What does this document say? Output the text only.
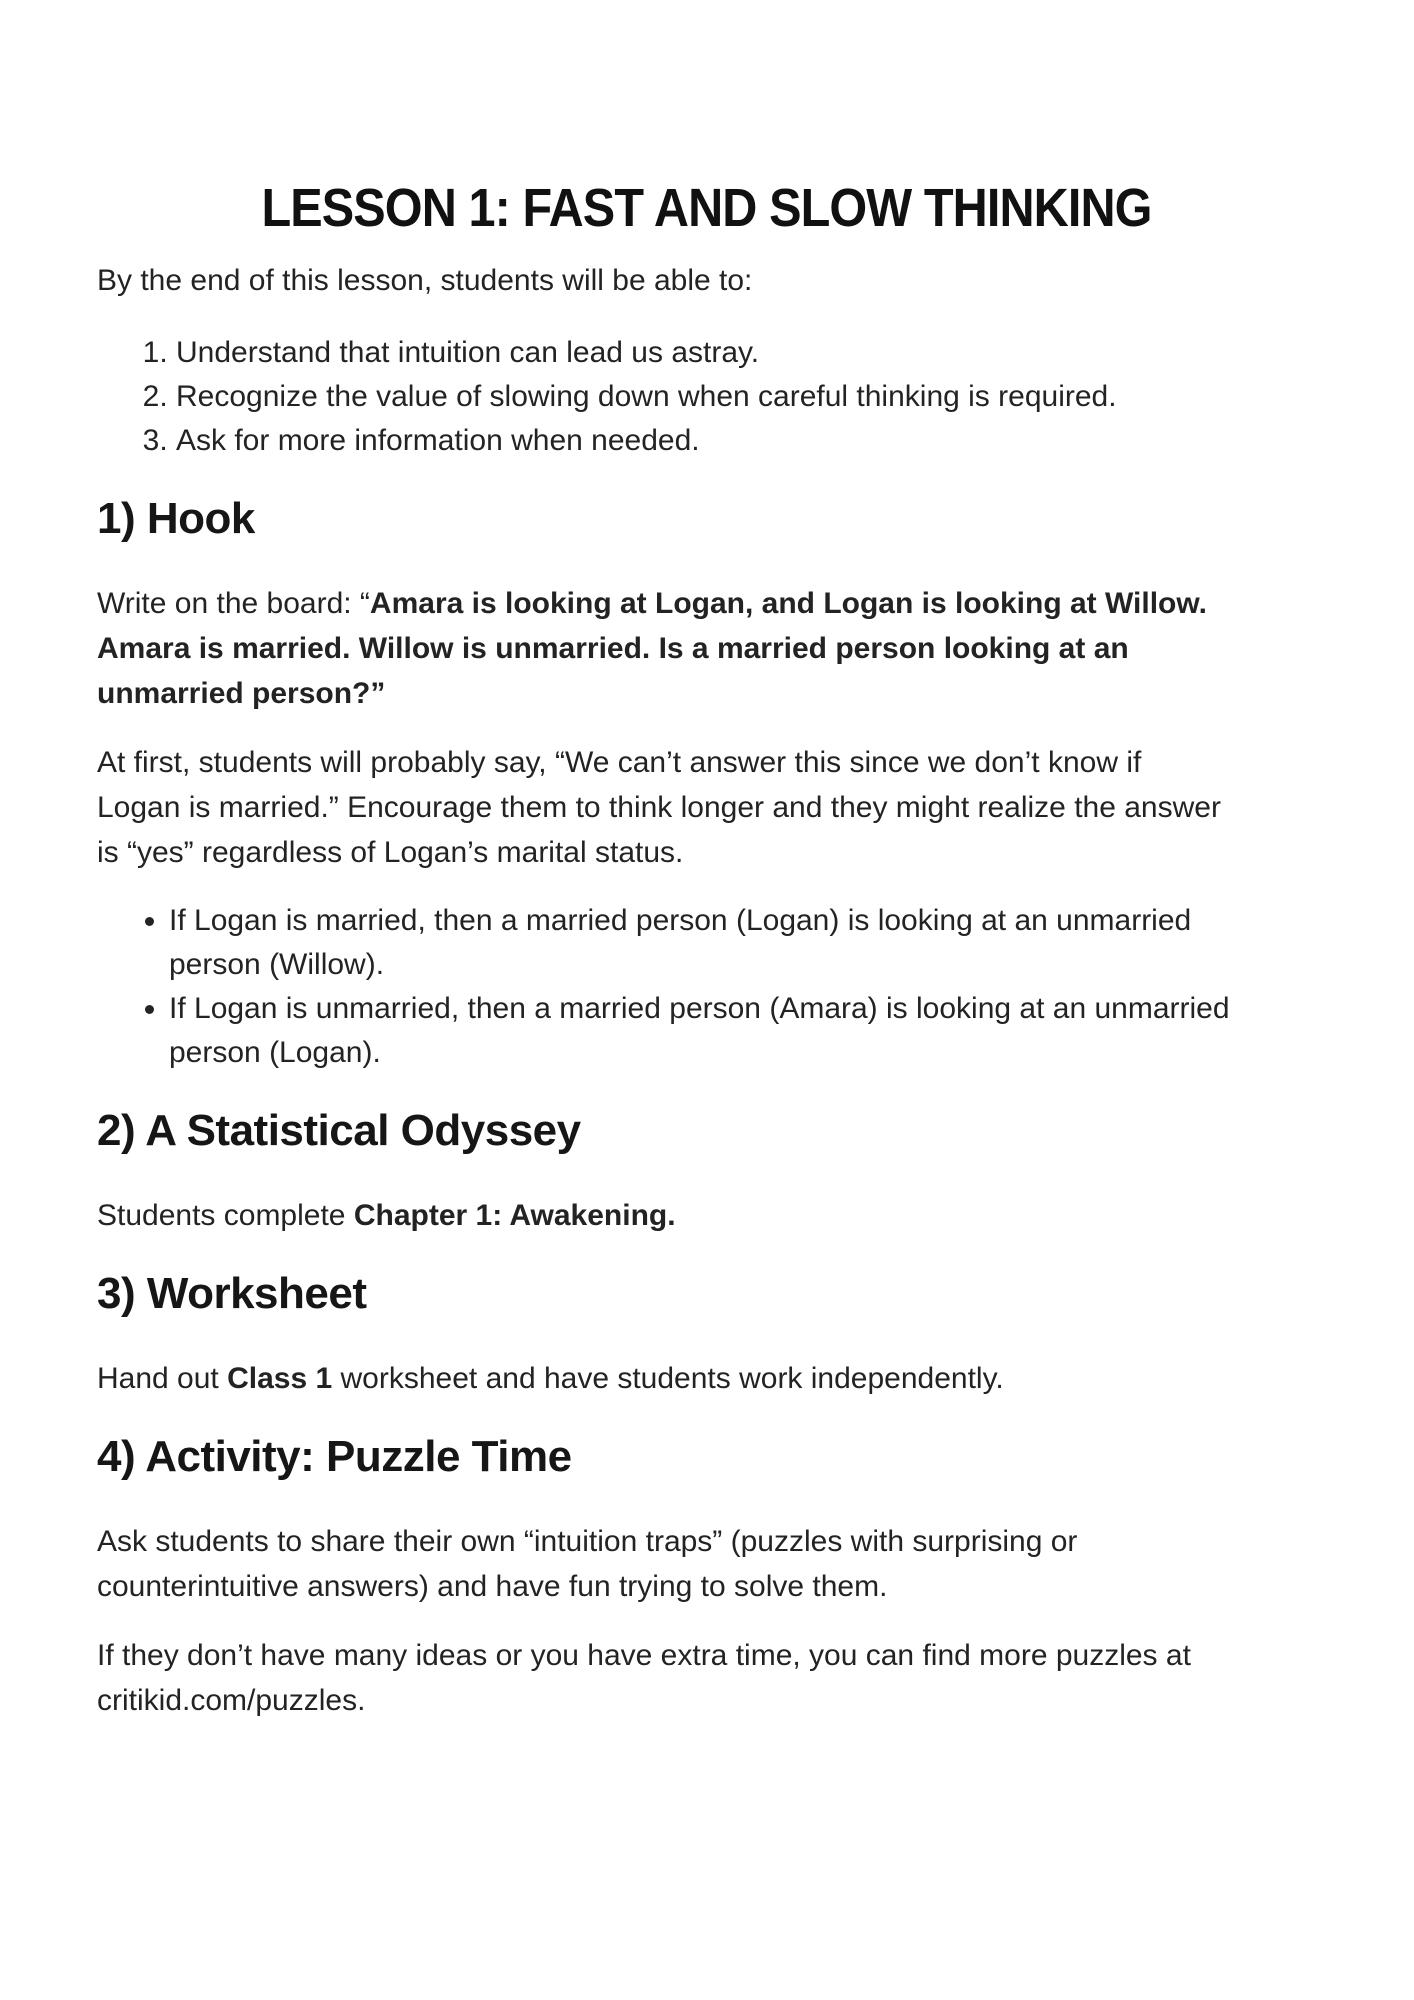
LESSON 1: FAST AND SLOW THINKING

By the end of this lesson, students will be able to:

1. Understand that intuition can lead us astray.
2. Recognize the value of slowing down when careful thinking is required.
3. Ask for more information when needed.
1) Hook

Write on the board: “Amara is looking at Logan, and Logan is looking at Willow.
Amara is married. Willow is unmarried. Is a married person looking at an
unmarried person?”

At first, students will probably say, “We can’t answer this since we don’t know if
Logan is married.” Encourage them to think longer and they might realize the answer
is “yes” regardless of Logan’s marital status.

• If Logan is married, then a married person (Logan) is looking at an unmarried
person (Willow).
• If Logan is unmarried, then a married person (Amara) is looking at an unmarried
person (Logan).
2) A Statistical Odyssey

Students complete Chapter 1: Awakening.

3) Worksheet

Hand out Class 1 worksheet and have students work independently.

4) Activity: Puzzle Time

Ask students to share their own “intuition traps” (puzzles with surprising or
counterintuitive answers) and have fun trying to solve them.

If they don’t have many ideas or you have extra time, you can find more puzzles at
critikid.com/puzzles.
